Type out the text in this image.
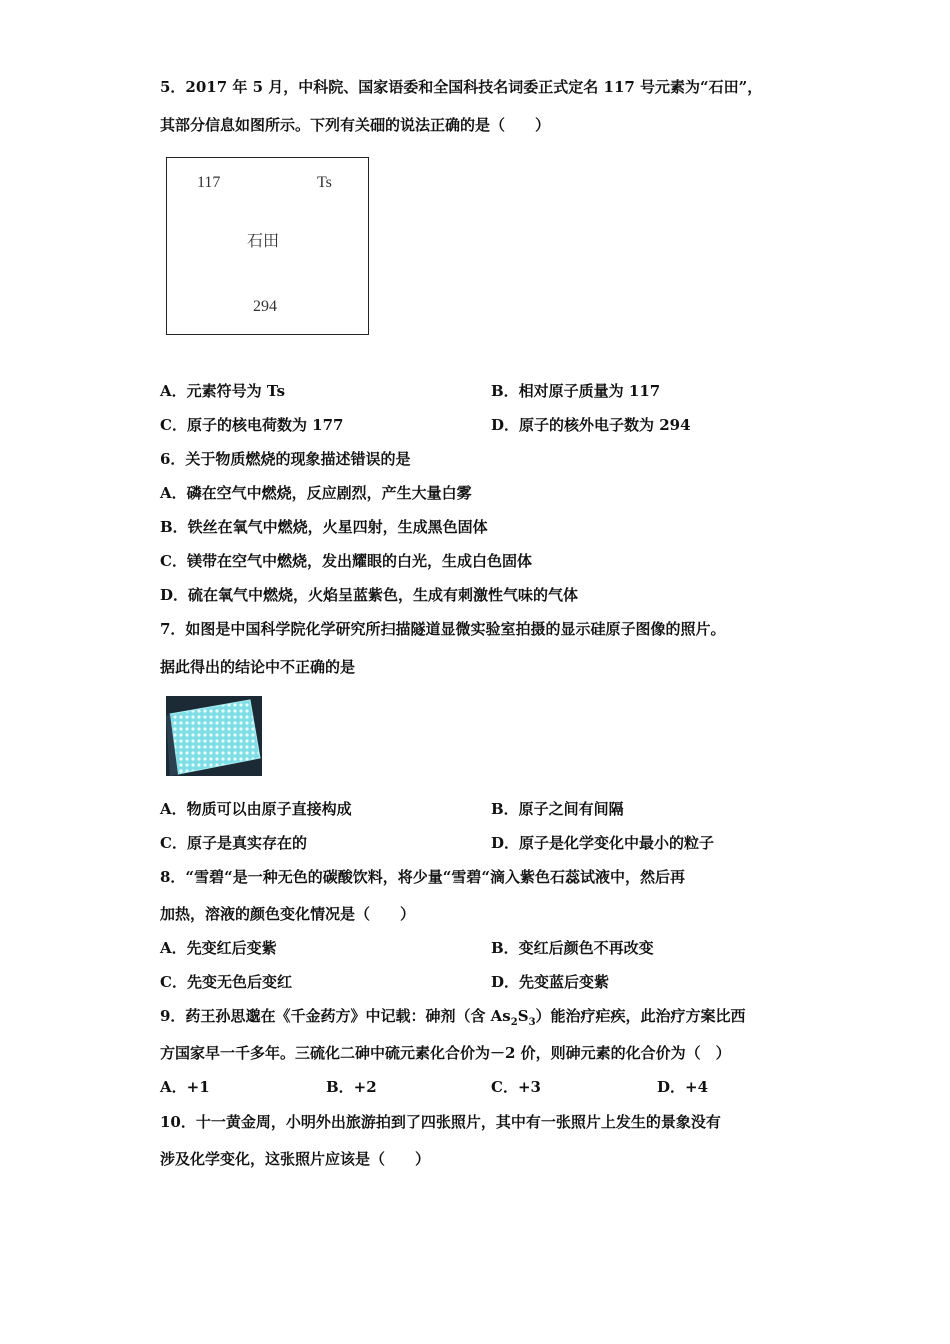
5．2017 年 5 月，中科院、国家语委和全国科技名词委正式定名 117 号元素为“石田”，
其部分信息如图所示。下列有关鿬的说法正确的是（　　）
117	Ts
石田
294
A．元素符号为 Ts	B．相对原子质量为 117
C．原子的核电荷数为 177	D．原子的核外电子数为 294
6．关于物质燃烧的现象描述错误的是
A．磷在空气中燃烧，反应剧烈，产生大量白雾
B．铁丝在氧气中燃烧，火星四射，生成黑色固体
C．镁带在空气中燃烧，发出耀眼的白光，生成白色固体
D．硫在氧气中燃烧，火焰呈蓝紫色，生成有刺激性气味的气体
7．如图是中国科学院化学研究所扫描隧道显微实验室拍摄的显示硅原子图像的照片。
据此得出的结论中不正确的是
A．物质可以由原子直接构成	B．原子之间有间隔
C．原子是真实存在的	D．原子是化学变化中最小的粒子
8．“雪碧“是一种无色的碳酸饮料，将少量“雪碧“滴入紫色石蕊试液中，然后再
加热，溶液的颜色变化情况是（　　）
A．先变红后变紫	B．变红后颜色不再改变
C．先变无色后变红	D．先变蓝后变紫
9．药王孙思邈在《千金药方》中记载：砷剂（含 $As_2S_3$）能治疗疟疾，此治疗方案比西
方国家早一千多年。三硫化二砷中硫元素化合价为－2 价，则砷元素的化合价为（　）
A．+1	B．+2	C．+3	D．+4
10．十一黄金周，小明外出旅游拍到了四张照片，其中有一张照片上发生的景象没有
涉及化学变化，这张照片应该是（　　）
